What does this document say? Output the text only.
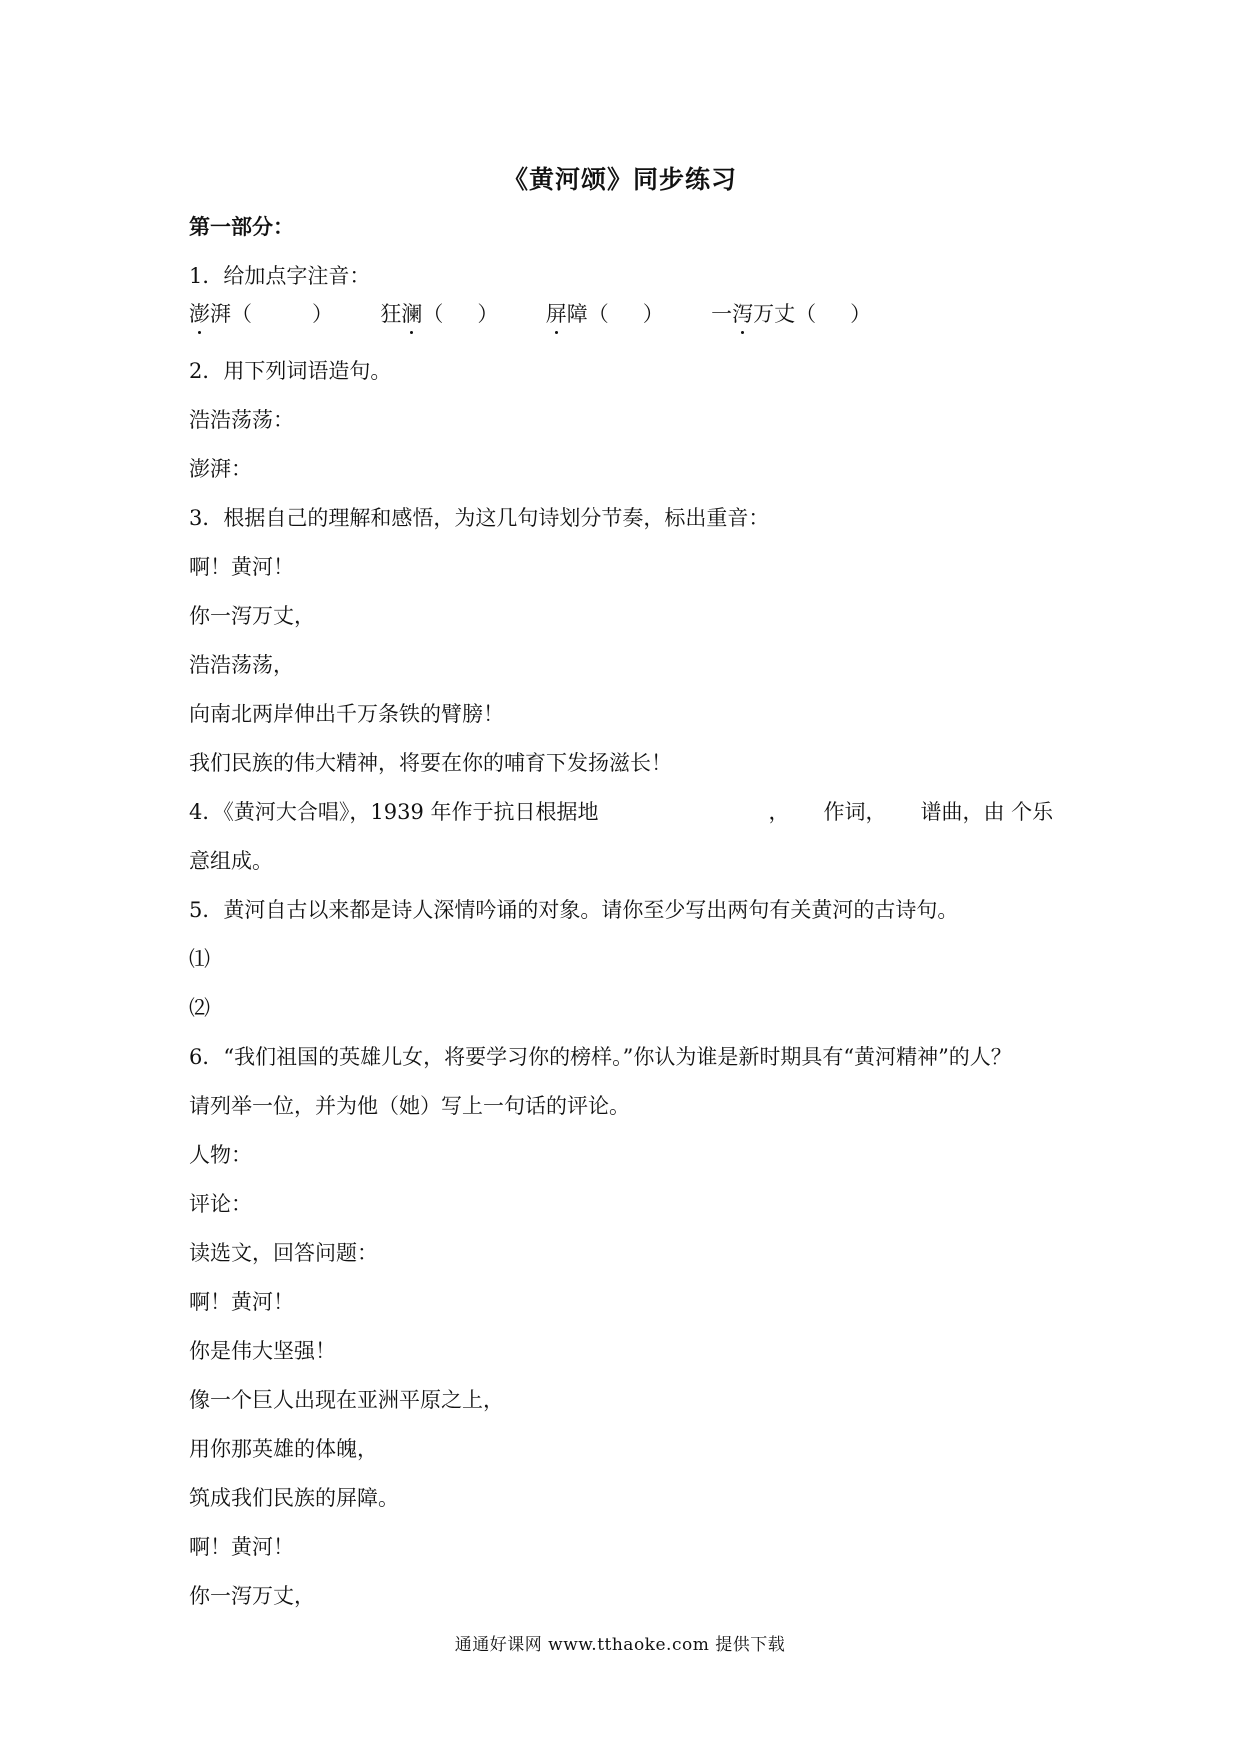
《黄河颂》同步练习
第一部分：
1．给加点字注音：
澎湃（	） 狂澜（ ） 屏障（ ） 一泻万丈（ ）
2．用下列词语造句。
浩浩荡荡：
澎湃：
3．根据自己的理解和感悟，为这几句诗划分节奏，标出重音：
啊！黄河！
你一泻万丈，
浩浩荡荡，
向南北两岸伸出千万条铁的臂膀！
我们民族的伟大精神，将要在你的哺育下发扬滋长！
4．《黄河大合唱》，1939 年作于抗日根据地	， 作词， 谱曲，由 个乐
意组成。
5．黄河自古以来都是诗人深情吟诵的对象。请你至少写出两句有关黄河的古诗句。
⑴
⑵
6．“我们祖国的英雄儿女，将要学习你的榜样。”你认为谁是新时期具有“黄河精神”的人？
请列举一位，并为他（她）写上一句话的评论。
人物：
评论：
读选文，回答问题：
啊！黄河！
你是伟大坚强！
像一个巨人出现在亚洲平原之上，
用你那英雄的体魄，
筑成我们民族的屏障。
啊！黄河！
你一泻万丈，
通通好课网 www.tthaoke.com 提供下载
